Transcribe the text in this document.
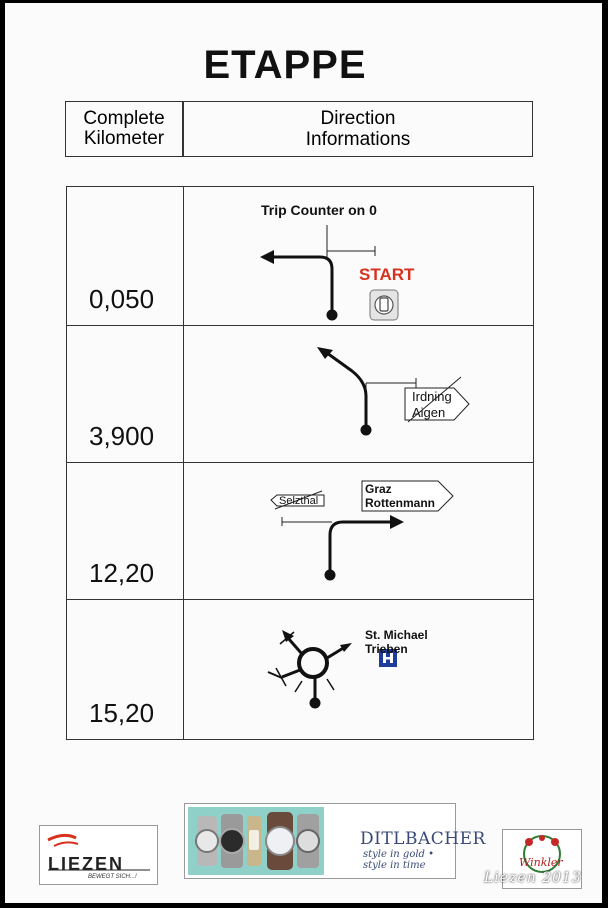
ETAPPE
Complete
Kilometer
Direction
Informations
0,050
Trip Counter on 0
START
3,900
Irdning
Aigen
12,20
Selzthal
Graz
Rottenmann
15,20
St. Michael
Trieben
LIEZEN
BEWEGT SICH...!
DITLBACHER
style in gold • style in time	Winkler
Liezen 2013
